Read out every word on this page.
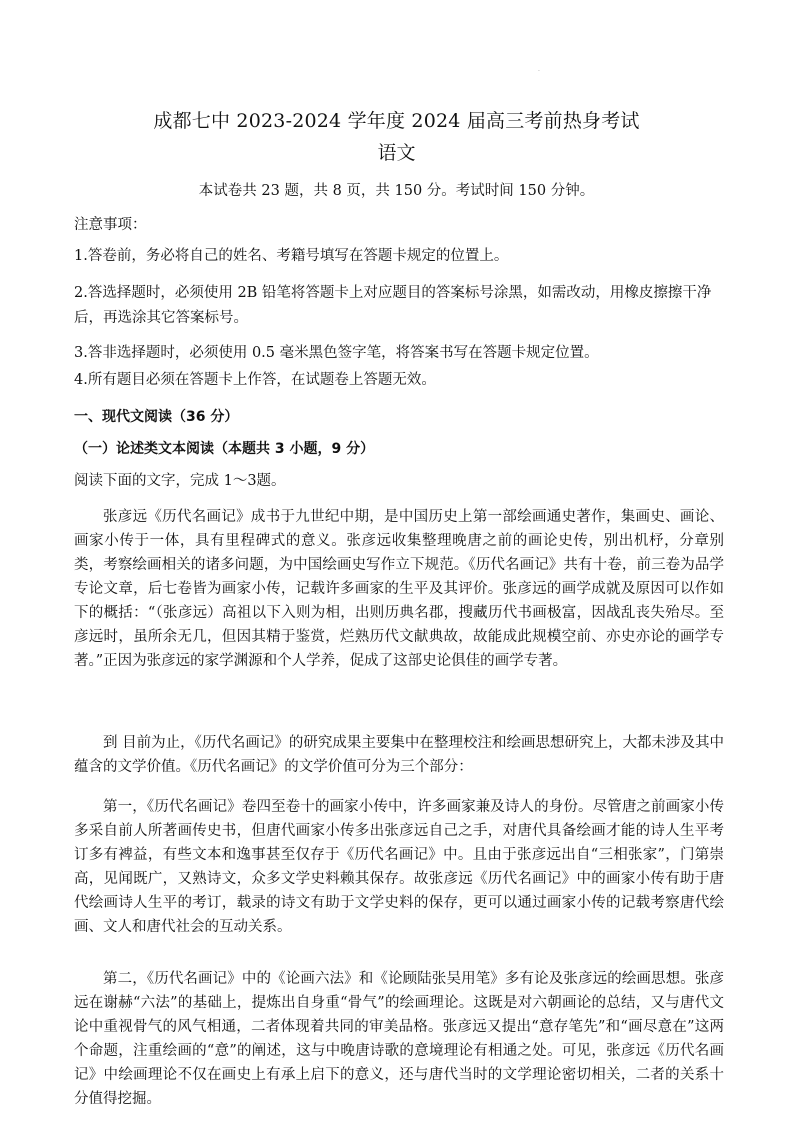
.
成都七中 2023-2024 学年度 2024 届高三考前热身考试
语文
本试卷共 23 题，共 8 页，共 150 分。考试时间 150 分钟。
注意事项：
1.答卷前，务必将自己的姓名、考籍号填写在答题卡规定的位置上。
2.答选择题时，必须使用 2B 铅笔将答题卡上对应题目的答案标号涂黑，如需改动，用橡皮擦擦干净后，再选涂其它答案标号。
3.答非选择题时，必须使用 0.5 毫米黑色签字笔，将答案书写在答题卡规定位置。
4.所有题目必须在答题卡上作答，在试题卷上答题无效。
一、现代文阅读（36 分）
（一）论述类文本阅读（本题共 3 小题，9 分）
阅读下面的文字，完成 1～3题。
张彦远《历代名画记》成书于九世纪中期，是中国历史上第一部绘画通史著作，集画史、画论、画家小传于一体，具有里程碑式的意义。张彦远收集整理晚唐之前的画论史传，别出机杼，分章别类，考察绘画相关的诸多问题，为中国绘画史写作立下规范。《历代名画记》共有十卷，前三卷为品学专论文章，后七卷皆为画家小传，记载许多画家的生平及其评价。张彦远的画学成就及原因可以作如下的概括：“（张彦远）高祖以下入则为相，出则历典名郡，搜藏历代书画极富，因战乱丧失殆尽。至彦远时，虽所余无几，但因其精于鉴赏，烂熟历代文献典故，故能成此规模空前、亦史亦论的画学专著。”正因为张彦远的家学渊源和个人学养，促成了这部史论俱佳的画学专著。
到 目前为止，《历代名画记》的研究成果主要集中在整理校注和绘画思想研究上，大都未涉及其中蕴含的文学价值。《历代名画记》的文学价值可分为三个部分：
第一，《历代名画记》卷四至卷十的画家小传中，许多画家兼及诗人的身份。尽管唐之前画家小传多采自前人所著画传史书，但唐代画家小传多出张彦远自己之手，对唐代具备绘画才能的诗人生平考订多有裨益，有些文本和逸事甚至仅存于《历代名画记》中。且由于张彦远出自“三相张家”，门第崇高，见闻既广，又熟诗文，众多文学史料赖其保存。故张彦远《历代名画记》中的画家小传有助于唐代绘画诗人生平的考订，载录的诗文有助于文学史料的保存，更可以通过画家小传的记载考察唐代绘画、文人和唐代社会的互动关系。
第二，《历代名画记》中的《论画六法》和《论顾陆张吴用笔》多有论及张彦远的绘画思想。张彦远在谢赫“六法”的基础上，提炼出自身重“骨气”的绘画理论。这既是对六朝画论的总结，又与唐代文论中重视骨气的风气相通，二者体现着共同的审美品格。张彦远又提出“意存笔先”和“画尽意在”这两个命题，注重绘画的“意”的阐述，这与中晚唐诗歌的意境理论有相通之处。可见，张彦远《历代名画记》中绘画理论不仅在画史上有承上启下的意义，还与唐代当时的文学理论密切相关，二者的关系十分值得挖掘。
